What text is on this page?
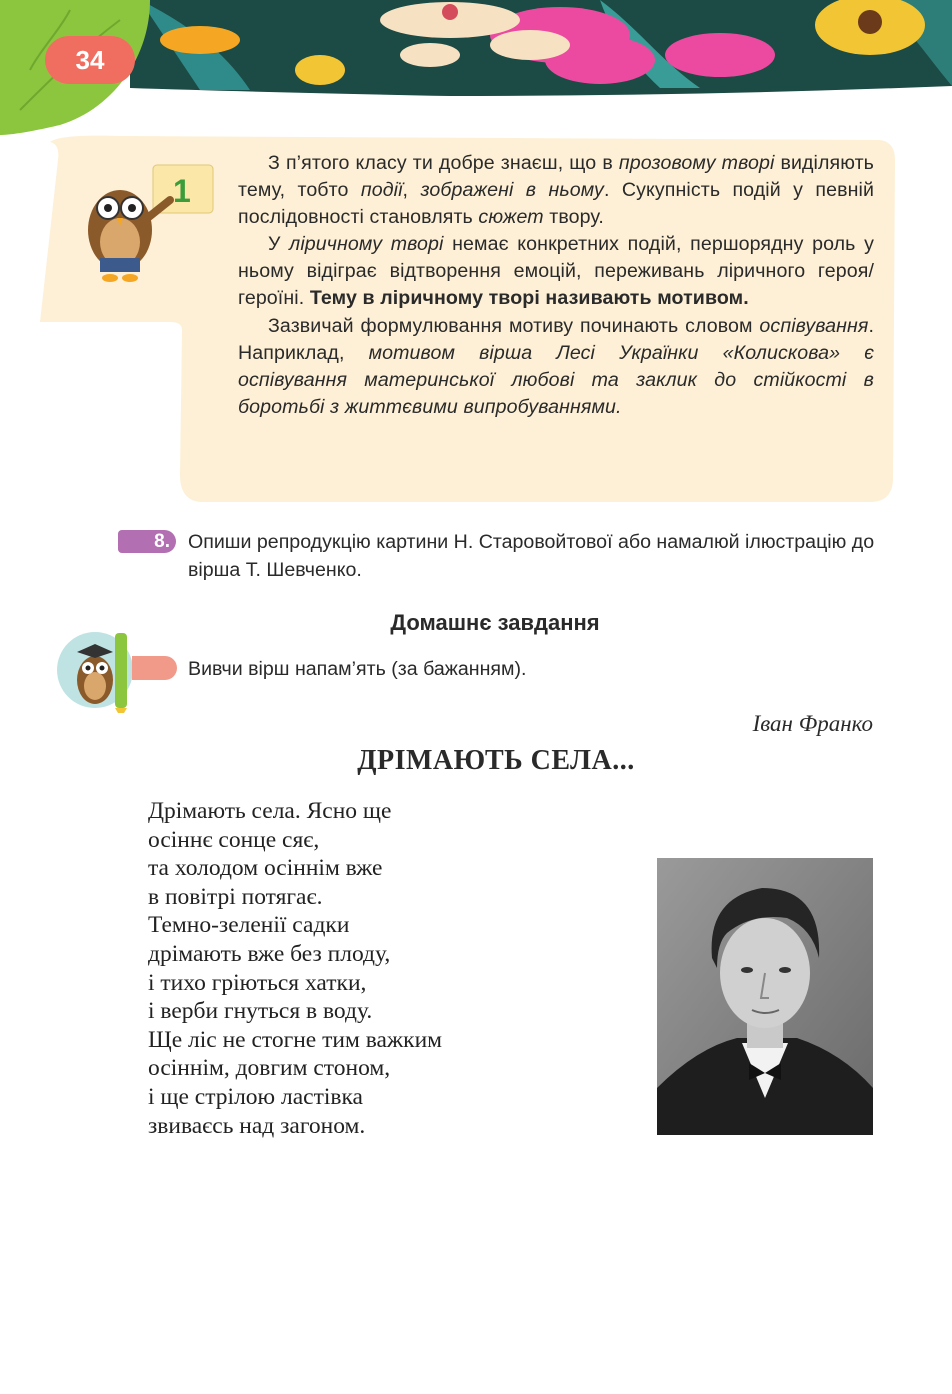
34
1

З п’ятого класу ти добре знаєш, що в прозовому творі виділяють тему, тобто події, зображені в ньому. Сукупність подій у певній послідовності становлять сюжет твору.

У ліричному творі немає конкретних подій, першорядну роль у ньому відіграє відтворення емоцій, переживань ліричного героя/героїні. Тему в ліричному творі називають мотивом.

Зазвичай формулювання мотиву починають словом оспівування. Наприклад, мотивом вірша Лесі Українки «Колискова» є оспівування материнської любові та заклик до стійкості в боротьбі з життєвими випробуваннями.

8. Опиши репродукцію картини Н. Старовойтової або намалюй ілюстрацію до вірша Т. Шевченко.
Домашнє завдання
Вивчи вірш напам’ять (за бажанням).
Іван Франко
ДРІМАЮТЬ СЕЛА...
Дрімають села. Ясно ще
осіннє сонце сяє,
та холодом осіннім вже
в повітрі потягає.
Темно-зеленії садки
дрімають вже без плоду,
і тихо гріються хатки,
і верби гнуться в воду.
Ще ліс не стогне тим важким
осіннім, довгим стоном,
і ще стрілою ластівка
звиваєсь над загоном.
